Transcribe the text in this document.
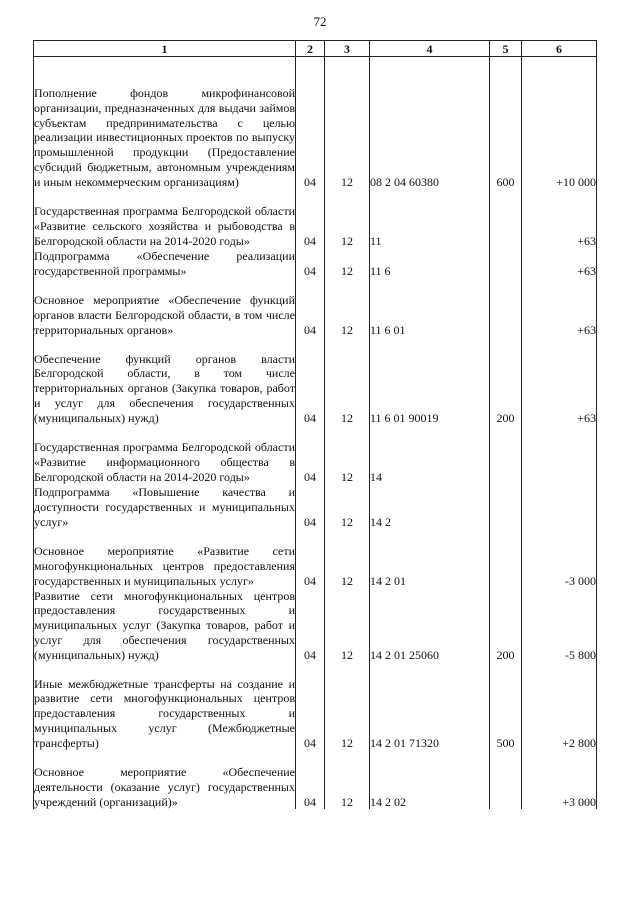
72
1	2	3	4	5	6
Пополнение фондов микрофинансовой организации, предназначенных для выдачи займов субъектам предпринимательства с целью реализации инвестиционных проектов по выпуску промышленной продукции (Предоставление субсидий бюджетным, автономным учреждениям и иным некоммерческим организациям)	04	12	08 2 04 60380	600	+10 000
Государственная программа Белгородской области «Развитие сельского хозяйства и рыбоводства в Белгородской области на 2014-2020 годы»	04	12	11		+63
Подпрограмма «Обеспечение реализации государственной программы»	04	12	11 6		+63
Основное мероприятие «Обеспечение функций органов власти Белгородской области, в том числе территориальных органов»	04	12	11 6 01		+63
Обеспечение функций органов власти Белгородской области, в том числе территориальных органов (Закупка товаров, работ и услуг для обеспечения государственных (муниципальных) нужд)	04	12	11 6 01 90019	200	+63
Государственная программа Белгородской области «Развитие информационного общества в Белгородской области на 2014-2020 годы»	04	12	14		
Подпрограмма «Повышение качества и доступности государственных и муниципальных услуг»	04	12	14 2		
Основное мероприятие «Развитие сети многофункциональных центров предоставления государственных и муниципальных услуг»	04	12	14 2 01		-3 000
Развитие сети многофункциональных центров предоставления государственных и муниципальных услуг (Закупка товаров, работ и услуг для обеспечения государственных (муниципальных) нужд)	04	12	14 2 01 25060	200	-5 800
Иные межбюджетные трансферты на создание и развитие сети многофункциональных центров предоставления государственных и муниципальных услуг (Межбюджетные трансферты)	04	12	14 2 01 71320	500	+2 800
Основное мероприятие «Обеспечение деятельности (оказание услуг) государственных учреждений (организаций)»	04	12	14 2 02		+3 000
